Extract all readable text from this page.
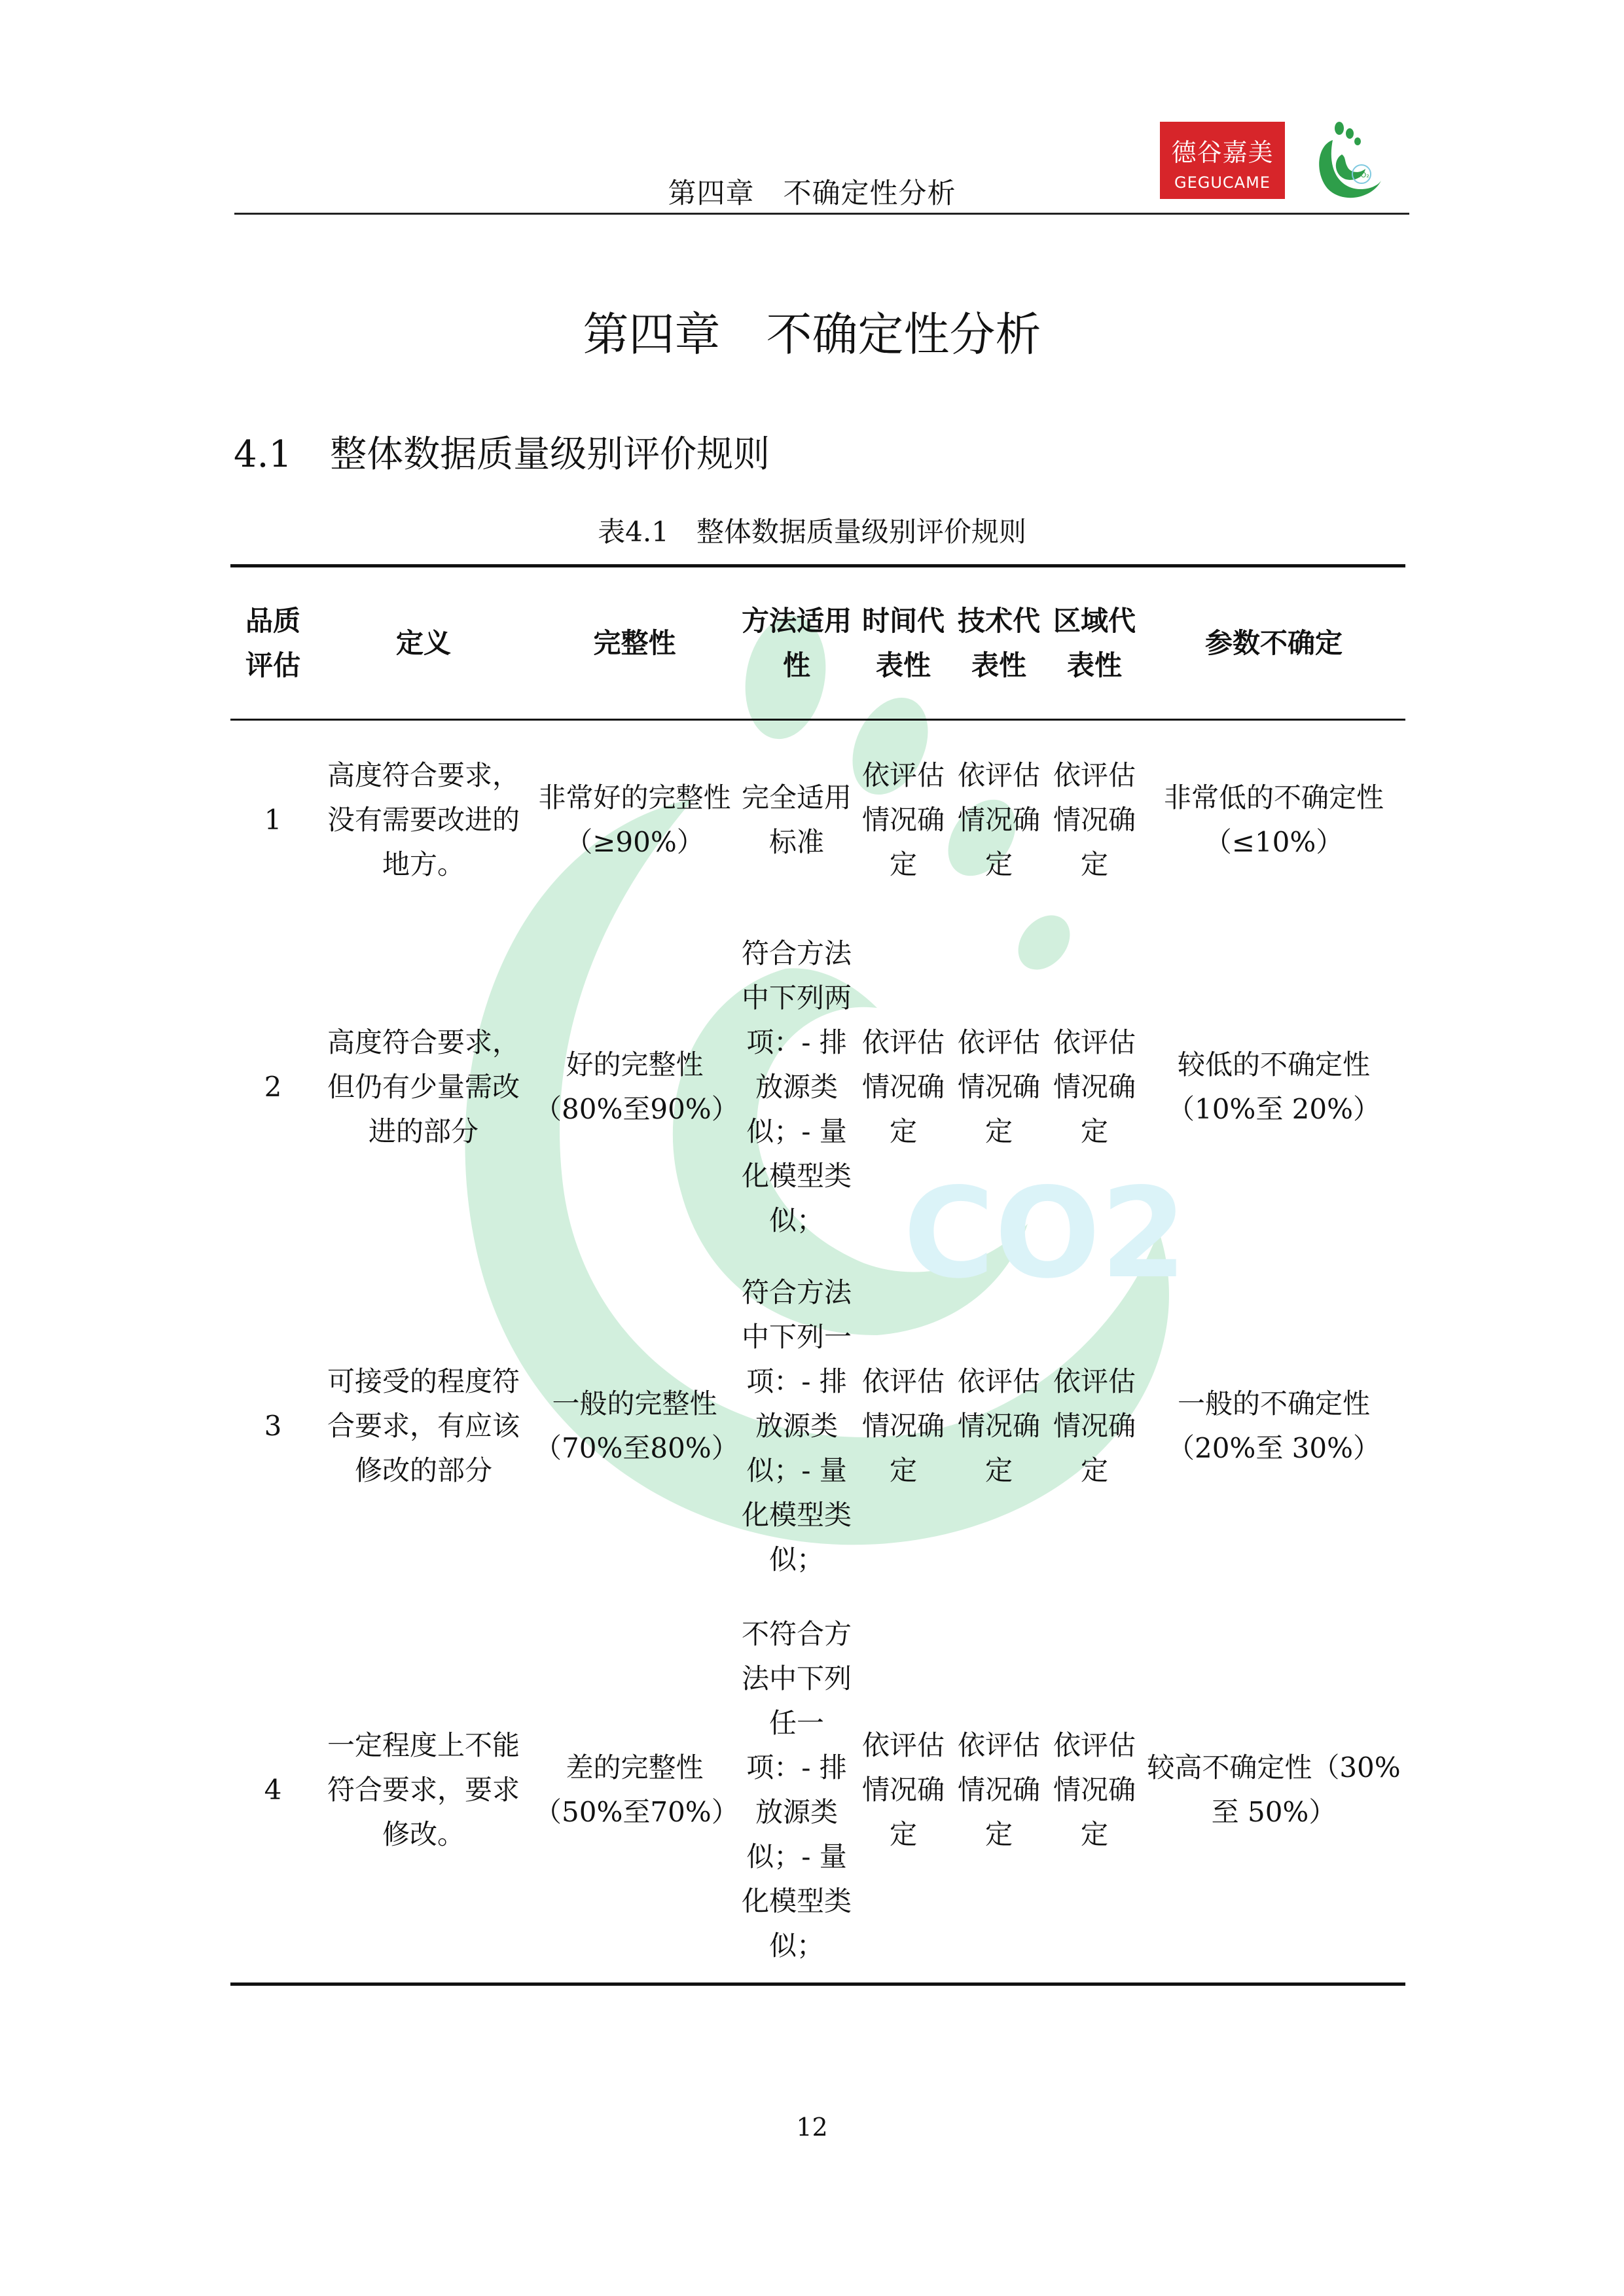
CO2
第四章　不确定性分析
德谷嘉美
GEGUCAME	CO₂
第四章　不确定性分析
4.1 整体数据质量级别评价规则
表4.1　整体数据质量级别评价规则
品质评估	定义	完整性	方法适用性	时间代表性	技术代表性	区域代表性	参数不确定
1	高度符合要求，没有需要改进的地方。	非常好的完整性（≥90%）	完全适用标准	依评估情况确定	依评估情况确定	依评估情况确定	非常低的不确定性（≤10%）
2	高度符合要求，但仍有少量需改进的部分	好的完整性（80%至90%）	符合方法中下列两项：- 排放源类似；- 量化模型类似；	依评估情况确定	依评估情况确定	依评估情况确定	较低的不确定性（10%至 20%）
3	可接受的程度符合要求，有应该修改的部分	一般的完整性（70%至80%）	符合方法中下列一项：- 排放源类似；- 量化模型类似；	依评估情况确定	依评估情况确定	依评估情况确定	一般的不确定性（20%至 30%）
4	一定程度上不能符合要求，要求修改。	差的完整性（50%至70%）	不符合方法中下列任一项：- 排放源类似；- 量化模型类似；	依评估情况确定	依评估情况确定	依评估情况确定	较高不确定性（30%至 50%）
12
